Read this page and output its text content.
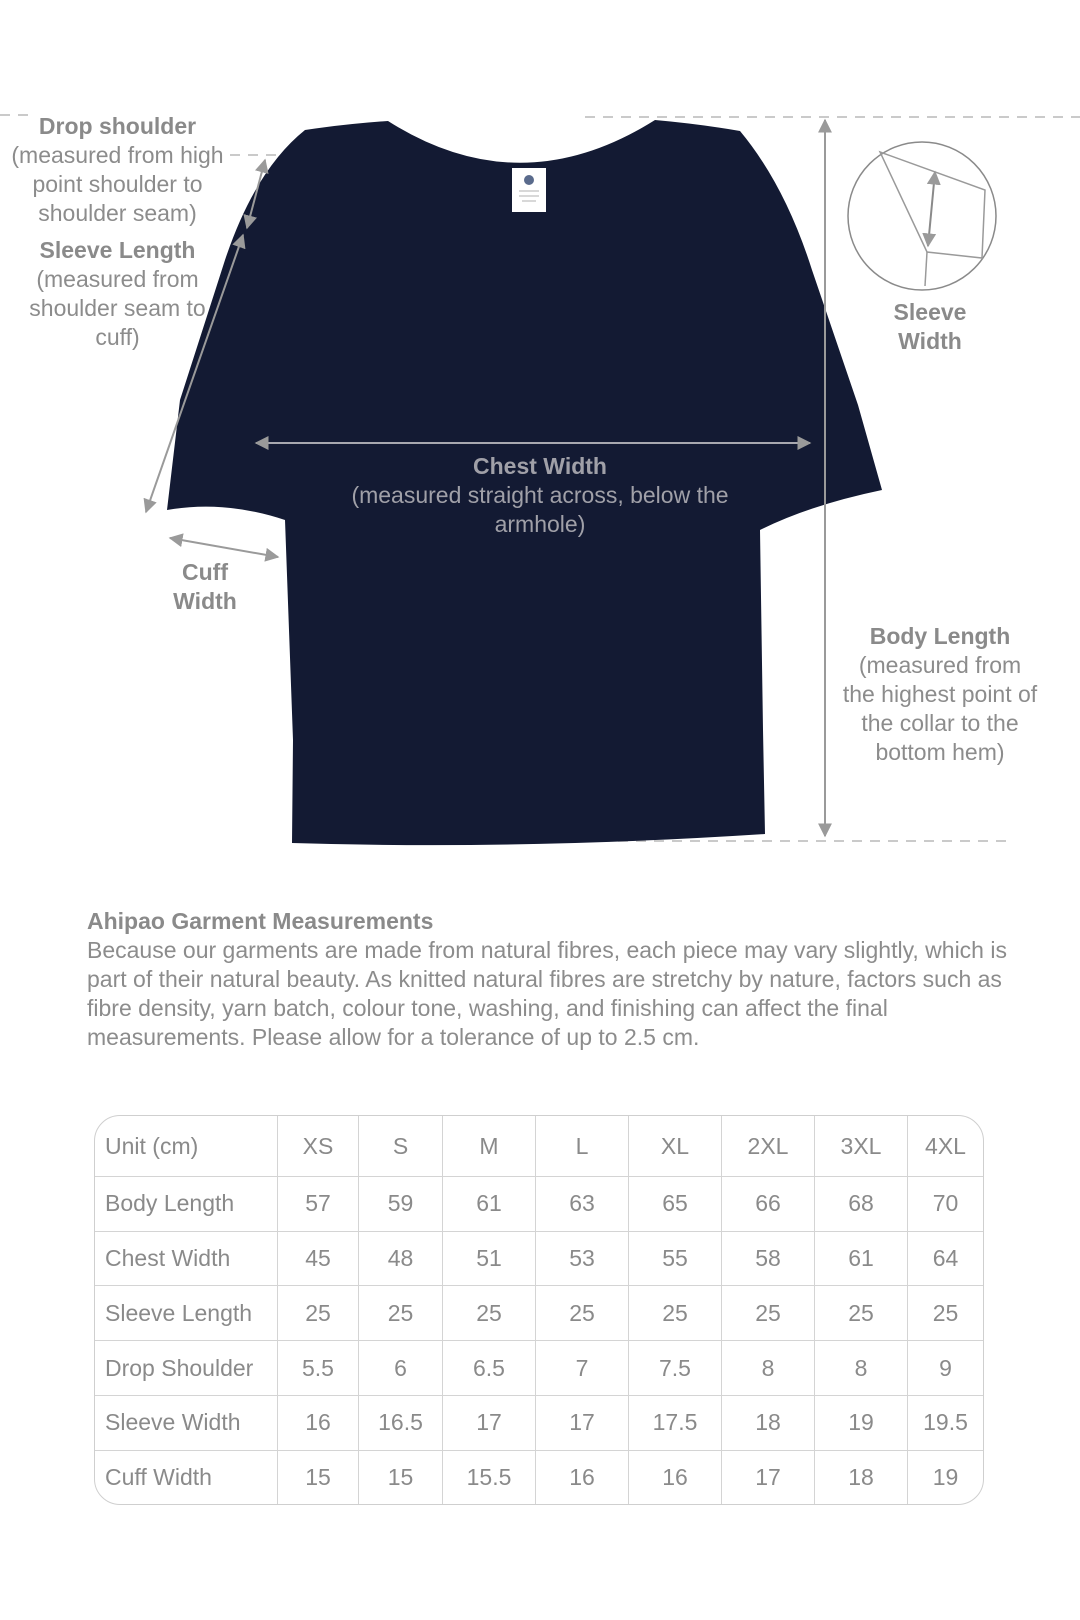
Drop shoulder
(measured from high point shoulder to shoulder seam)
Sleeve Length
(measured from shoulder seam to cuff)
Sleeve Width
Chest Width
(measured straight across, below the armhole)
Cuff Width
Body Length
(measured from the highest point of the collar to the bottom hem)
Ahipao Garment Measurements

Because our garments are made from natural fibres, each piece may vary slightly, which is part of their natural beauty. As knitted natural fibres are stretchy by nature, factors such as fibre density, yarn batch, colour tone, washing, and finishing can affect the final measurements. Please allow for a tolerance of up to 2.5 cm.

Unit (cm)	XS	S	M	L	XL	2XL	3XL	4XL
Body Length	57	59	61	63	65	66	68	70
Chest Width	45	48	51	53	55	58	61	64
Sleeve Length	25	25	25	25	25	25	25	25
Drop Shoulder	5.5	6	6.5	7	7.5	8	8	9
Sleeve Width	16	16.5	17	17	17.5	18	19	19.5
Cuff Width	15	15	15.5	16	16	17	18	19
